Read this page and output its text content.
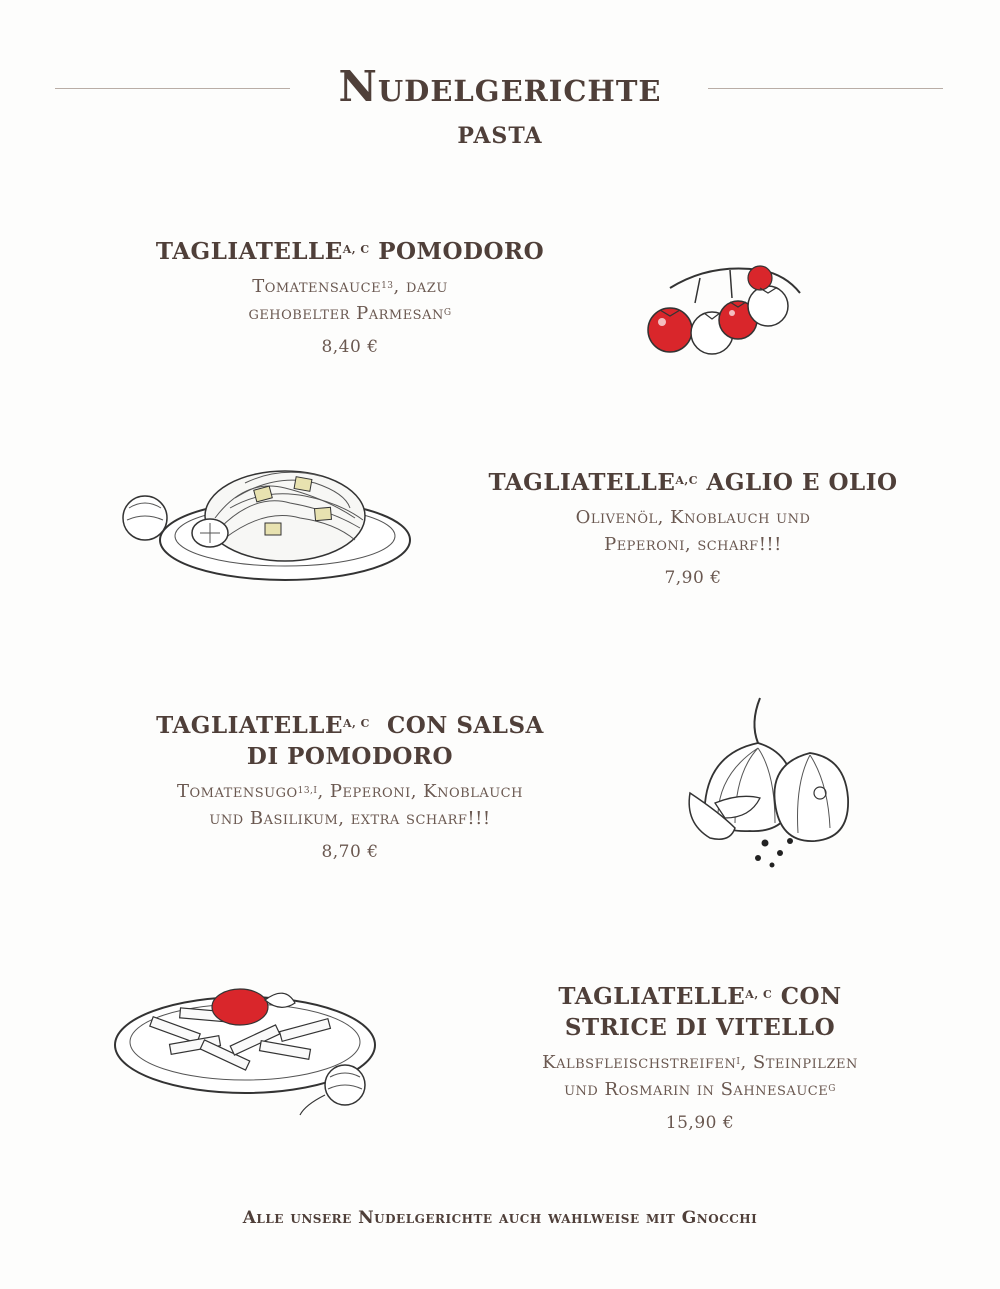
Nudelgerichte
PASTA
$TAGLIATELLE^{A, C}$ POMODORO
Tomatensauce$^{13}$, dazu
gehobelter Parmesan$^G$
8,40 €
$TAGLIATELLE^{A,C}$ AGLIO E OLIO
Olivenöl, Knoblauch und
Peperoni, scharf!!!
7,90 €
$TAGLIATELLE^{A, C}$  CON SALSA
DI POMODORO
Tomatensugo$^{13,I}$, Peperoni, Knoblauch
und Basilikum, extra scharf!!!
8,70 €
$TAGLIATELLE^{A, C}$ CON
STRICE DI VITELLO
Kalbsfleischstreifen$^I$, Steinpilzen
und Rosmarin in Sahnesauce$^G$
15,90 €
Alle unsere Nudelgerichte auch wahlweise mit Gnocchi
